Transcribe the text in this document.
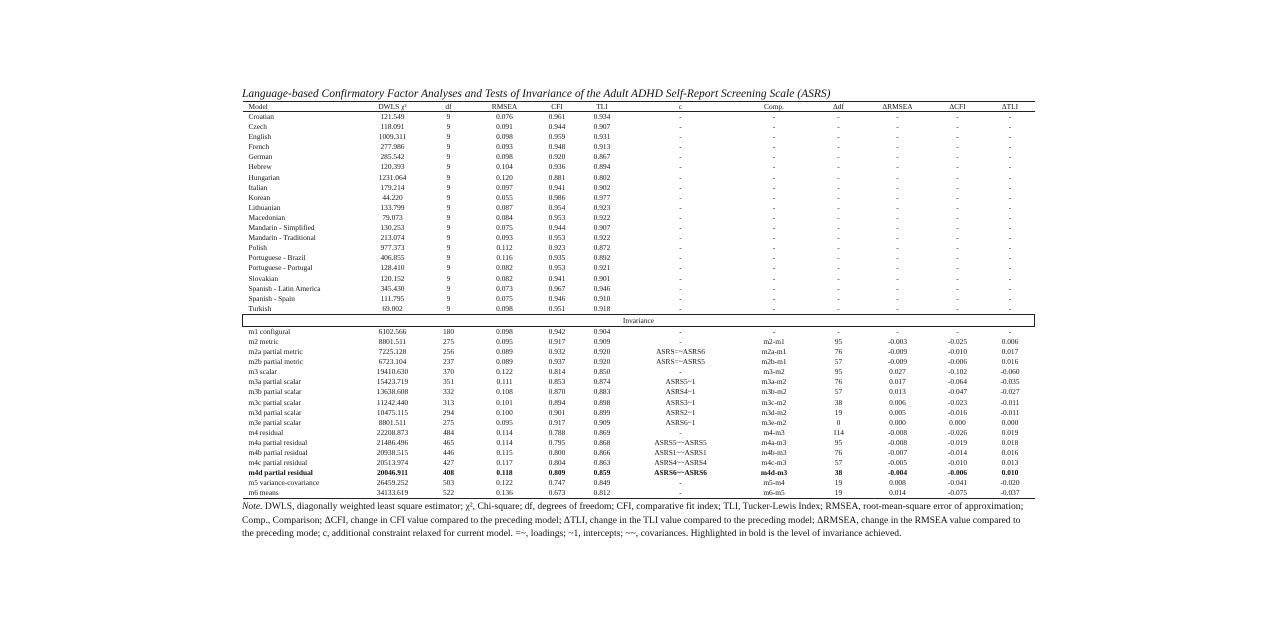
Language-based Confirmatory Factor Analyses and Tests of Invariance of the Adult ADHD Self-Report Screening Scale (ASRS)
Model	DWLS χ²	df	RMSEA	CFI	TLI	c	Comp.	Δdf	ΔRMSEA	ΔCFI	ΔTLI
Croatian	121.549	9	0.076	0.961	0.934	-	-	-	-	-	-
Czech	118.091	9	0.091	0.944	0.907	-	-	-	-	-	-
English	1009.311	9	0.098	0.959	0.931	-	-	-	-	-	-
French	277.986	9	0.093	0.948	0.913	-	-	-	-	-	-
German	285.542	9	0.098	0.920	0.867	-	-	-	-	-	-
Hebrew	120.393	9	0.104	0.936	0.894	-	-	-	-	-	-
Hungarian	1231.064	9	0.120	0.881	0.802	-	-	-	-	-	-
Italian	179.214	9	0.097	0.941	0.902	-	-	-	-	-	-
Korean	44.220	9	0.055	0.986	0.977	-	-	-	-	-	-
Lithuanian	133.799	9	0.087	0.954	0.923	-	-	-	-	-	-
Macedonian	79.073	9	0.084	0.953	0.922	-	-	-	-	-	-
Mandarin - Simplified	130.253	9	0.075	0.944	0.907	-	-	-	-	-	-
Mandarin - Traditional	213.074	9	0.093	0.953	0.922	-	-	-	-	-	-
Polish	977.373	9	0.112	0.923	0.872	-	-	-	-	-	-
Portuguese - Brazil	406.855	9	0.116	0.935	0.892	-	-	-	-	-	-
Portuguese - Portugal	128.410	9	0.082	0.953	0.921	-	-	-	-	-	-
Slovakian	120.152	9	0.082	0.941	0.901	-	-	-	-	-	-
Spanish - Latin America	345.430	9	0.073	0.967	0.946	-	-	-	-	-	-
Spanish - Spain	111.795	9	0.075	0.946	0.910	-	-	-	-	-	-
Turkish	69.002	9	0.098	0.951	0.918	-	-	-	-	-	-
Invariance											
m1 configural	6102.566	180	0.098	0.942	0.904	-	-	-	-	-	-
m2 metric	8801.511	275	0.095	0.917	0.909	-	m2-m1	95	-0.003	-0.025	0.006
m2a partial metric	7225.128	256	0.089	0.932	0.920	ASRS=~ASRS6	m2a-m1	76	-0.009	-0.010	0.017
m2b partial metric	6723.104	237	0.089	0.937	0.920	ASRS=~ASRS5	m2b-m1	57	-0.009	-0.006	0.016
m3 scalar	19410.630	370	0.122	0.814	0.850	-	m3-m2	95	0.027	-0.102	-0.060
m3a partial scalar	15423.719	351	0.111	0.853	0.874	ASRS5~1	m3a-m2	76	0.017	-0.064	-0.035
m3b partial scalar	13638.608	332	0.108	0.870	0.883	ASRS4~1	m3b-m2	57	0.013	-0.047	-0.027
m3c partial scalar	11242.440	313	0.101	0.894	0.898	ASRS3~1	m3c-m2	38	0.006	-0.023	-0.011
m3d partial scalar	10475.115	294	0.100	0.901	0.899	ASRS2~1	m3d-m2	19	0.005	-0.016	-0.011
m3e partial scalar	8801.511	275	0.095	0.917	0.909	ASRS6~1	m3e-m2	0	0.000	0.000	0.000
m4 residual	22208.873	484	0.114	0.788	0.869	-	m4-m3	114	-0.008	-0.026	0.019
m4a partial residual	21486.496	465	0.114	0.795	0.868	ASRS5~~ASRS5	m4a-m3	95	-0.008	-0.019	0.018
m4b partial residual	20938.515	446	0.115	0.800	0.866	ASRS1~~ASRS1	m4b-m3	76	-0.007	-0.014	0.016
m4c partial residual	20513.974	427	0.117	0.804	0.863	ASRS4~~ASRS4	m4c-m3	57	-0.005	-0.010	0.013
m4d partial residual	20046.911	408	0.118	0.809	0.859	ASRS6~~ASRS6	m4d-m3	38	-0.004	-0.006	0.010
m5 variance-covariance	26459.252	503	0.122	0.747	0.849	-	m5-m4	19	0.008	-0.041	-0.020
m6 means	34133.619	522	0.136	0.673	0.812	-	m6-m5	19	0.014	-0.075	-0.037
Note. DWLS, diagonally weighted least square estimator; χ², Chi-square; df, degrees of freedom; CFI, comparative fit index; TLI, Tucker-Lewis Index; RMSEA, root-mean-square error of approximation; Comp., Comparison; ΔCFI, change in CFI value compared to the preceding model; ΔTLI, change in the TLI value compared to the preceding model; ΔRMSEA, change in the RMSEA value compared to the preceding mode; c, additional constraint relaxed for current model. =~, loadings; ~1, intercepts; ~~, covariances. Highlighted in bold is the level of invariance achieved.
